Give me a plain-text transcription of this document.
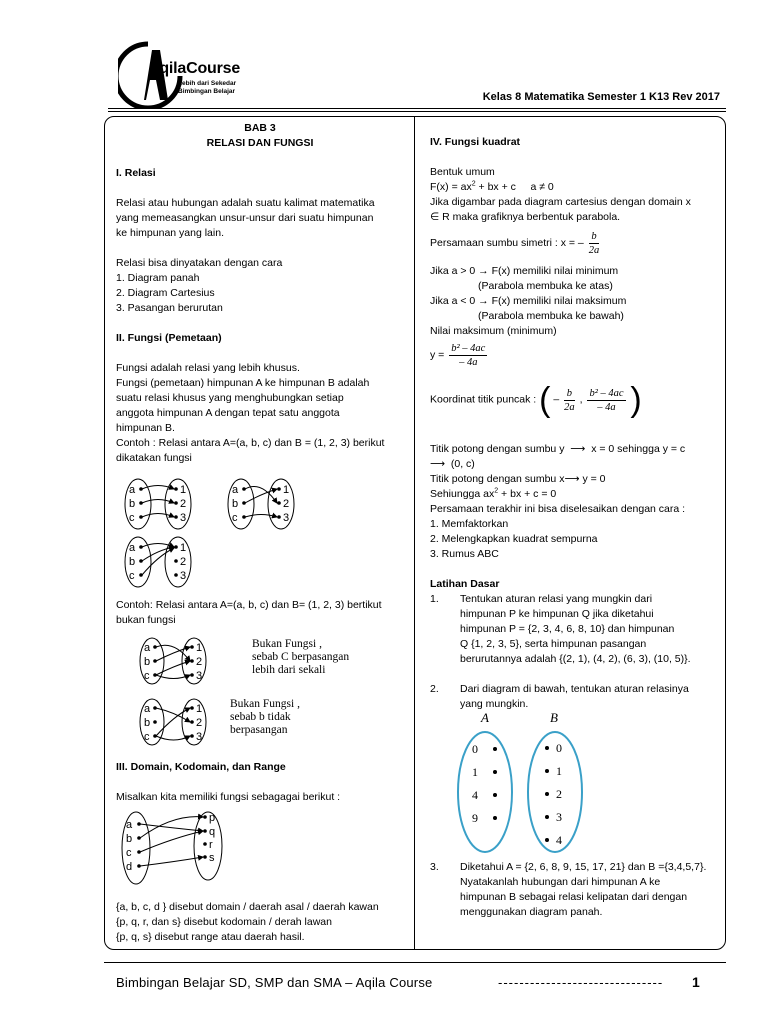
AqilaCourse
Lebih dari Sekedar
Bimbingan Belajar	Kelas 8 Matematika Semester 1 K13 Rev 2017

BAB 3

RELASI DAN FUNGSI

I. Relasi

Relasi atau hubungan adalah suatu kalimat matematika

yang memeasangkan unsur-unsur dari suatu himpunan

ke himpunan yang lain.

Relasi bisa dinyatakan dengan cara

1. Diagram panah

2. Diagram Cartesius

3. Pasangan berurutan

II. Fungsi (Pemetaan)

Fungsi adalah relasi yang lebih khusus.

Fungsi (pemetaan) himpunan A ke himpunan B adalah

suatu relasi khusus yang menghubungkan setiap

anggota himpunan A dengan tepat satu anggota

himpunan B.

Contoh : Relasi antara A=(a, b, c) dan B = (1, 2, 3) berikut

dikatakan fungsi

a
b
c
1
2
3
a
b
c
1
2
3
a
b
c
1
2
3

Contoh: Relasi antara A=(a, b, c) dan B= (1, 2, 3) bertikut

bukan fungsi

a
b
c
1
2
3
a
b
c
1
2
3
Bukan Fungsi ,
sebab C berpasangan
lebih dari sekali
Bukan Fungsi ,
sebab b tidak
berpasangan

III. Domain, Kodomain, dan Range

Misalkan kita memiliki fungsi sebagagai berikut :

a
b
c
d
p
q
r
s

{a, b, c, d } disebut domain / daerah asal / daerah kawan

{p, q, r, dan s} disebut kodomain / derah lawan

{p, q, s} disebut range atau daerah hasil.

IV. Fungsi kuadrat

Bentuk umum

$F(x) = ax^2$ + bx + c     a ≠ 0

Jika digambar pada diagram cartesius dengan domain x

∈ R maka grafiknya berbentuk parabola.

Persamaan sumbu simetri : x = – $\frac{b}{2a}$

Jika a > 0 → F(x) memiliki nilai minimum

(Parabola membuka ke atas)

Jika a < 0 → F(x) memiliki nilai maksimum

(Parabola membuka ke bawah)

Nilai maksimum (minimum)

$y = \frac{\text{b² – 4ac}}{- 4a}$
Koordinat titik puncak : ( – $\frac{b}{2a}$ , $\frac{\text{b² – 4ac}}{- 4a}$ )

Titik potong dengan sumbu y  ⟶  x = 0 sehingga y = c

⟶  (0, c)

Titik potong dengan sumbu x⟶ y = 0

Sehiungga $ax^2$ + bx + c = 0

Persamaan terakhir ini bisa diselesaikan dengan cara :

1. Memfaktorkan

2. Melengkapkan kuadrat sempurna

3. Rumus ABC

Latihan Dasar

1.	Tentukan aturan relasi yang mungkin dari

himpunan P ke himpunan Q jika diketahui

himpunan P = {2, 3, 4, 6, 8, 10} dan himpunan

Q {1, 2, 3, 5}, serta himpunan pasangan

berurutannya adalah {(2, 1), (4, 2), (6, 3), (10, 5)}.

2.	Dari diagram di bawah, tentukan aturan relasinya

yang mungkin.

A	B
0
1
4
9
0
1
2
3
4
3.	Diketahui A = {2, 6, 8, 9, 15, 17, 21} dan B ={3,4,5,7}.

Nyatakanlah hubungan dari himpunan A ke

himpunan B sebagai relasi kelipatan dari dengan

menggunakan diagram panah.

Bimbingan Belajar SD, SMP dan SMA – Aqila Course	------------------------------- 1
